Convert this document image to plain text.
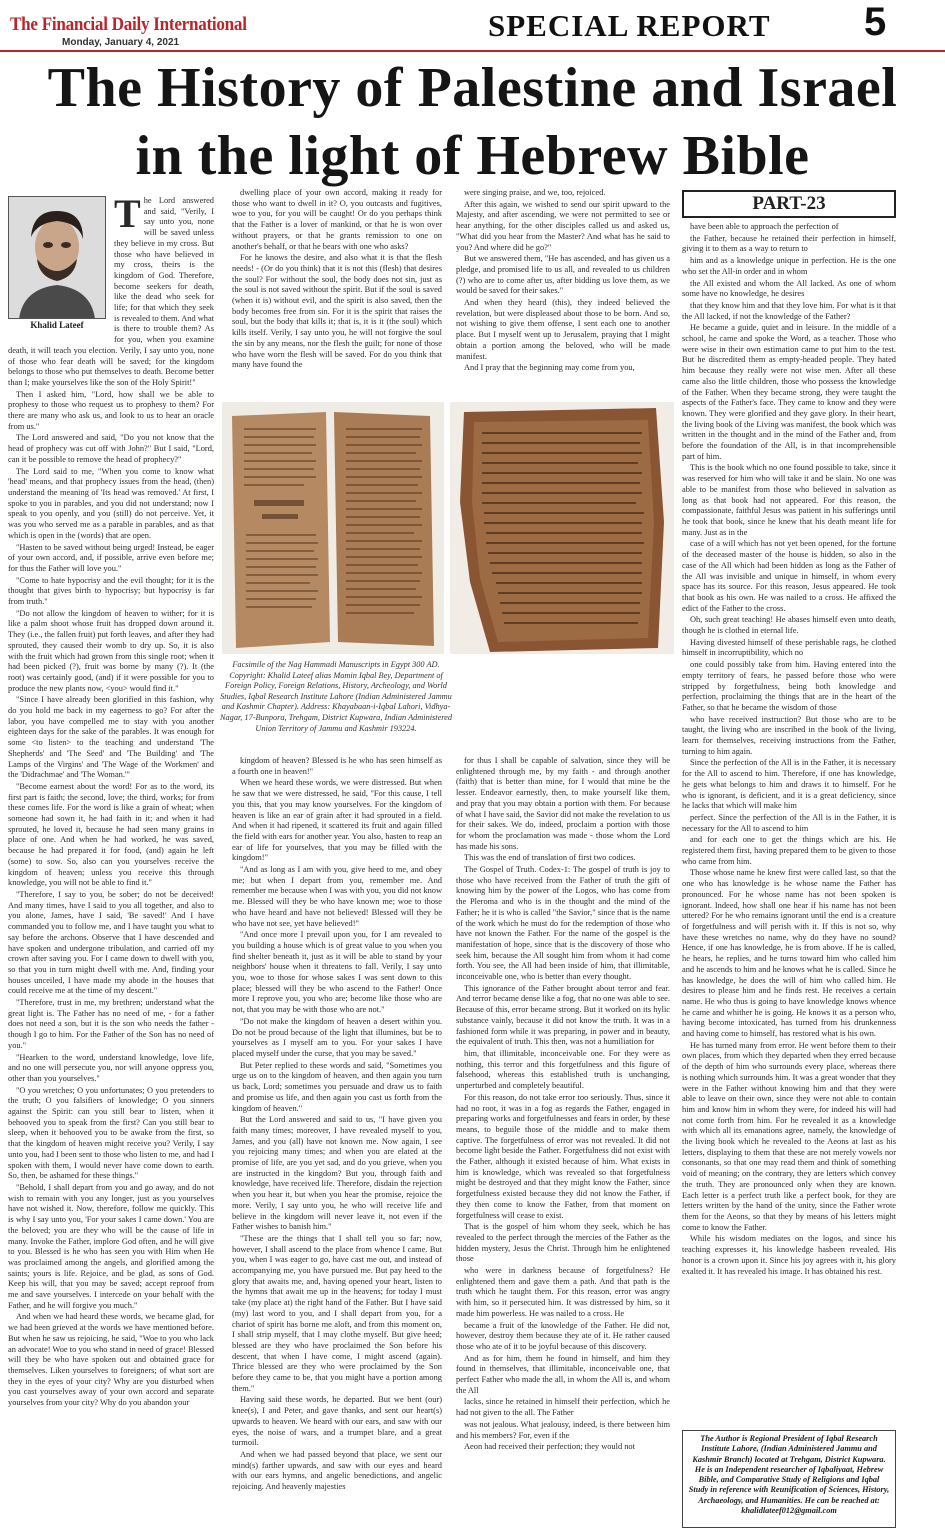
The Financial Daily International
Monday, January 4, 2021	SPECIAL REPORT 5
The History of Palestine and Israel
in the light of Hebrew Bible

The Lord answered and said, "Verily, I say unto you, none will be saved unless they believe in my cross. But those who have believed in my cross, theirs is the kingdom of God. Therefore, become seekers for death, like the dead who seek for life; for that which they seek is revealed to them. And what is there to trouble them? As for you, when you examine death, it will teach you election. Verily, I say unto you, none of those who fear death will be saved; for the kingdom belongs to those who put themselves to death. Become better than I; make yourselves like the son of the Holy Spirit!"

Then I asked him, "Lord, how shall we be able to prophesy to those who request us to prophesy to them? For there are many who ask us, and look to us to hear an oracle from us."

The Lord answered and said, "Do you not know that the head of prophecy was cut off with John?" But I said, "Lord, can it be possible to remove the head of prophecy?"

The Lord said to me, "When you come to know what 'head' means, and that prophecy issues from the head, (then) understand the meaning of 'Its head was removed.' At first, I spoke to you in parables, and you did not understand; now I speak to you openly, and you (still) do not perceive. Yet, it was you who served me as a parable in parables, and as that which is open in the (words) that are open.

"Hasten to be saved without being urged! Instead, be eager of your own accord, and, if possible, arrive even before me; for thus the Father will love you."

"Come to hate hypocrisy and the evil thought; for it is the thought that gives birth to hypocrisy; but hypocrisy is far from truth."

"Do not allow the kingdom of heaven to wither; for it is like a palm shoot whose fruit has dropped down around it. They (i.e., the fallen fruit) put forth leaves, and after they had sprouted, they caused their womb to dry up. So, it is also with the fruit which had grown from this single root; when it had been picked (?), fruit was borne by many (?). It (the root) was certainly good, (and) if it were possible for you to produce the new plants now, <you> would find it."

"Since I have already been glorified in this fashion, why do you hold me back in my eagerness to go? For after the labor, you have compelled me to stay with you another eighteen days for the sake of the parables. It was enough for some <to listen> to the teaching and understand 'The Shepherds' and 'The Seed' and 'The Building' and 'The Lamps of the Virgins' and 'The Wage of the Workmen' and the 'Didrachmae' and 'The Woman.'"

"Become earnest about the word! For as to the word, its first part is faith; the second, love; the third, works; for from these comes life. For the word is like a grain of wheat; when someone had sown it, he had faith in it; and when it had sprouted, he loved it, because he had seen many grains in place of one. And when he had worked, he was saved, because he had prepared it for food, (and) again he left (some) to sow. So, also can you yourselves receive the kingdom of heaven; unless you receive this through knowledge, you will not be able to find it."

"Therefore, I say to you, be sober; do not be deceived! And many times, have I said to you all together, and also to you alone, James, have I said, 'Be saved!' And I have commanded you to follow me, and I have taught you what to say before the archons. Observe that I have descended and have spoken and undergone tribulation, and carried off my crown after saving you. For I came down to dwell with you, so that you in turn might dwell with me. And, finding your houses unceiled, I have made my abode in the houses that could receive me at the time of my descent."

"Therefore, trust in me, my brethren; understand what the great light is. The Father has no need of me, - for a father does not need a son, but it is the son who needs the father - though I go to him. For the Father of the Son has no need of you."

"Hearken to the word, understand knowledge, love life, and no one will persecute you, nor will anyone oppress you, other than you yourselves."

"O you wretches; O you unfortunates; O you pretenders to the truth; O you falsifiers of knowledge; O you sinners against the Spirit: can you still bear to listen, when it behooved you to speak from the first? Can you still bear to sleep, when it behooved you to be awake from the first, so that the kingdom of heaven might receive you? Verily, I say unto you, had I been sent to those who listen to me, and had I spoken with them, I would never have come down to earth. So, then, be ashamed for these things."

"Behold, I shall depart from you and go away, and do not wish to remain with you any longer, just as you yourselves have not wished it. Now, therefore, follow me quickly. This is why I say unto you, 'For your sakes I came down.' You are the beloved; you are they who will be the cause of life in many. Invoke the Father, implore God often, and he will give to you. Blessed is he who has seen you with Him when He was proclaimed among the angels, and glorified among the saints; yours is life. Rejoice, and be glad, as sons of God. Keep his will, that you may be saved; accept reproof from me and save yourselves. I intercede on your behalf with the Father, and he will forgive you much."

And when we had heard these words, we became glad, for we had been grieved at the words we have mentioned before. But when he saw us rejoicing, he said, "Woe to you who lack an advocate! Woe to you who stand in need of grace! Blessed will they be who have spoken out and obtained grace for themselves. Liken yourselves to foreigners; of what sort are they in the eyes of your city? Why are you disturbed when you cast yourselves away of your own accord and separate yourselves from your city? Why do you abandon your

Khalid Lateef

dwelling place of your own accord, making it ready for those who want to dwell in it? O, you outcasts and fugitives, woe to you, for you will be caught! Or do you perhaps think that the Father is a lover of mankind, or that he is won over without prayers, or that he grants remission to one on another's behalf, or that he bears with one who asks?

For he knows the desire, and also what it is that the flesh needs! - (Or do you think) that it is not this (flesh) that desires the soul? For without the soul, the body does not sin, just as the soul is not saved without the spirit. But if the soul is saved (when it is) without evil, and the spirit is also saved, then the body becomes free from sin. For it is the spirit that raises the soul, but the body that kills it; that is, it is it (the soul) which kills itself. Verily, I say unto you, he will not forgive the soul the sin by any means, nor the flesh the guilt; for none of those who have worn the flesh will be saved. For do you think that many have found the

were singing praise, and we, too, rejoiced.

After this again, we wished to send our spirit upward to the Majesty, and after ascending, we were not permitted to see or hear anything, for the other disciples called us and asked us, "What did you hear from the Master? And what has he said to you? And where did he go?"

But we answered them, "He has ascended, and has given us a pledge, and promised life to us all, and revealed to us children (?) who are to come after us, after bidding us love them, as we would be saved for their sakes."

And when they heard (this), they indeed believed the revelation, but were displeased about those to be born. And so, not wishing to give them offense, I sent each one to another place. But I myself went up to Jerusalem, praying that I might obtain a portion among the beloved, who will be made manifest.

And I pray that the beginning may come from you,

Facsimile of the Nag Hammadi Manuscripts in Egypt 300 AD. Copyright: Khalid Lateef alias Momin Iqbal Bey, Department of Foreign Policy, Foreign Relations, History, Archeology, and World Studies, Iqbal Research Institute Lahore (Indian Administered Jammu and Kashmir Chapter). Address: Khayabaan-i-Iqbal Lahori, Vidhya-Nagar, 17-Bunpora, Trehgam, District Kupwara, Indian Administered Union Territory of Jammu and Kashmir 193224.

kingdom of heaven? Blessed is he who has seen himself as a fourth one in heaven!"

When we heard these words, we were distressed. But when he saw that we were distressed, he said, "For this cause, I tell you this, that you may know yourselves. For the kingdom of heaven is like an ear of grain after it had sprouted in a field. And when it had ripened, it scattered its fruit and again filled the field with ears for another year. You also, hasten to reap an ear of life for yourselves, that you may be filled with the kingdom!"

"And as long as I am with you, give heed to me, and obey me; but when I depart from you, remember me. And remember me because when I was with you, you did not know me. Blessed will they be who have known me; woe to those who have heard and have not believed! Blessed will they be who have not see, yet have believed!"

"And once more I prevail upon you, for I am revealed to you building a house which is of great value to you when you find shelter beneath it, just as it will be able to stand by your neighbors' house when it threatens to fall. Verily, I say unto you, woe to those for whose sakes I was sent down to this place; blessed will they be who ascend to the Father! Once more I reprove you, you who are; become like those who are not, that you may be with those who are not."

"Do not make the kingdom of heaven a desert within you. Do not be proud because of the light that illumines, but be to yourselves as I myself am to you. For your sakes I have placed myself under the curse, that you may be saved."

But Peter replied to these words and said, "Sometimes you urge us on to the kingdom of heaven, and then again you turn us back, Lord; sometimes you persuade and draw us to faith and promise us life, and then again you cast us forth from the kingdom of heaven."

But the Lord answered and said to us, "I have given you faith many times; moreover, I have revealed myself to you, James, and you (all) have not known me. Now again, I see you rejoicing many times; and when you are elated at the promise of life, are you yet sad, and do you grieve, when you are instructed in the kingdom? But you, through faith and knowledge, have received life. Therefore, disdain the rejection when you hear it, but when you hear the promise, rejoice the more. Verily, I say unto you, he who will receive life and believe in the kingdom will never leave it, not even if the Father wishes to banish him."

"These are the things that I shall tell you so far; now, however, I shall ascend to the place from whence I came. But you, when I was eager to go, have cast me out, and instead of accompanying me, you have pursued me. But pay heed to the glory that awaits me, and, having opened your heart, listen to the hymns that await me up in the heavens; for today I must take (my place at) the right hand of the Father. But I have said (my) last word to you, and I shall depart from you, for a chariot of spirit has borne me aloft, and from this moment on, I shall strip myself, that I may clothe myself. But give heed; blessed are they who have proclaimed the Son before his descent, that when I have come, I might ascend (again). Thrice blessed are they who were proclaimed by the Son before they came to be, that you might have a portion among them."

Having said these words, he departed. But we bent (our) knee(s), I and Peter, and gave thanks, and sent our heart(s) upwards to heaven. We heard with our ears, and saw with our eyes, the noise of wars, and a trumpet blare, and a great turmoil.

And when we had passed beyond that place, we sent our mind(s) farther upwards, and saw with our eyes and heard with our ears hymns, and angelic benedictions, and angelic rejoicing. And heavenly majesties

for thus I shall be capable of salvation, since they will be enlightened through me, by my faith - and through another (faith) that is better than mine, for I would that mine be the lesser. Endeavor earnestly, then, to make yourself like them, and pray that you may obtain a portion with them. For because of what I have said, the Savior did not make the revelation to us for their sakes. We do, indeed, proclaim a portion with those for whom the proclamation was made - those whom the Lord has made his sons.

This was the end of translation of first two codices.

The Gospel of Truth. Codex-1: The gospel of truth is joy to those who have received from the Father of truth the gift of knowing him by the power of the Logos, who has come from the Pleroma and who is in the thought and the mind of the Father; he it is who is called "the Savior," since that is the name of the work which he must do for the redemption of those who have not known the Father. For the name of the gospel is the manifestation of hope, since that is the discovery of those who seek him, because the All sought him from whom it had come forth. You see, the All had been inside of him, that illimitable, inconceivable one, who is better than every thought.

This ignorance of the Father brought about terror and fear. And terror became dense like a fog, that no one was able to see. Because of this, error became strong. But it worked on its hylic substance vainly, because it did not know the truth. It was in a fashioned form while it was preparing, in power and in beauty, the equivalent of truth. This then, was not a humiliation for

him, that illimitable, inconceivable one. For they were as nothing, this terror and this forgetfulness and this figure of falsehood, whereas this established truth is unchanging, unperturbed and completely beautiful.

For this reason, do not take error too seriously. Thus, since it had no root, it was in a fog as regards the Father, engaged in preparing works and forgetfulnesses and fears in order, by these means, to beguile those of the middle and to make them captive. The forgetfulness of error was not revealed. It did not become light beside the Father. Forgetfulness did not exist with the Father, although it existed because of him. What exists in him is knowledge, which was revealed so that forgetfulness might be destroyed and that they might know the Father, since forgetfulness existed because they did not know the Father, if they then come to know the Father, from that moment on forgetfulness will cease to exist.

That is the gospel of him whom they seek, which he has revealed to the perfect through the mercies of the Father as the hidden mystery, Jesus the Christ. Through him he enlightened those

who were in darkness because of forgetfulness? He enlightened them and gave them a path. And that path is the truth which he taught them. For this reason, error was angry with him, so it persecuted him. It was distressed by him, so it made him powerless. He was nailed to a cross. He

became a fruit of the knowledge of the Father. He did not, however, destroy them because they ate of it. He rather caused those who ate of it to be joyful because of this discovery.

And as for him, them he found in himself, and him they found in themselves, that illimitable, inconceivable one, that perfect Father who made the all, in whom the All is, and whom the All

lacks, since he retained in himself their perfection, which he had not given to the all. The Father

was not jealous. What jealousy, indeed, is there between him and his members? For, even if the

Aeon had received their perfection; they would not

PART-23

have been able to approach the perfection of

the Father, because he retained their perfection in himself, giving it to them as a way to return to

him and as a knowledge unique in perfection. He is the one who set the All-in order and in whom

the All existed and whom the All lacked. As one of whom some have no knowledge, he desires

that they know him and that they love him. For what is it that the All lacked, if not the knowledge of the Father?

He became a guide, quiet and in leisure. In the middle of a school, he came and spoke the Word, as a teacher. Those who were wise in their own estimation came to put him to the test. But he discredited them as empty-headed people. They hated him because they really were not wise men. After all these came also the little children, those who possess the knowledge of the Father. When they became strong, they were taught the aspects of the Father's face. They came to know and they were known. They were glorified and they gave glory. In their heart, the living book of the Living was manifest, the book which was written in the thought and in the mind of the Father and, from before the foundation of the All, is in that incomprehensible part of him.

This is the book which no one found possible to take, since it was reserved for him who will take it and be slain. No one was able to be manifest from those who believed in salvation as long as that book had not appeared. For this reason, the compassionate, faithful Jesus was patient in his sufferings until he took that book, since he knew that his death meant life for many. Just as in the

case of a will which has not yet been opened, for the fortune of the deceased master of the house is hidden, so also in the case of the All which had been hidden as long as the Father of the All was invisible and unique in himself, in whom every space has its source. For this reason, Jesus appeared. He took that book as his own. He was nailed to a cross. He affixed the edict of the Father to the cross.

Oh, such great teaching! He abases himself even unto death, though he is clothed in eternal life.

Having divested himself of these perishable rags, he clothed himself in incorruptibility, which no

one could possibly take from him. Having entered into the empty territory of fears, he passed before those who were stripped by forgetfulness, being both knowledge and perfection, proclaiming the things that are in the heart of the Father, so that he became the wisdom of those

who have received instruction? But those who are to be taught, the living who are inscribed in the book of the living, learn for themselves, receiving instructions from the Father, turning to him again.

Since the perfection of the All is in the Father, it is necessary for the All to ascend to him. Therefore, if one has knowledge, he gets what belongs to him and draws it to himself. For he who is ignorant, is deficient, and it is a great deficiency, since he lacks that which will make him

perfect. Since the perfection of the All is in the Father, it is necessary for the All to ascend to him

and for each one to get the things which are his. He registered them first, having prepared them to be given to those who came from him.

Those whose name he knew first were called last, so that the one who has knowledge is he whose name the Father has pronounced. For he whose name has not been spoken is ignorant. Indeed, how shall one hear if his name has not been uttered? For he who remains ignorant until the end is a creature of forgetfulness and will perish with it. If this is not so, why have these wretches no name, why do they have no sound? Hence, if one has knowledge, he is from above. If he is called, he hears, he replies, and he turns toward him who called him and he ascends to him and he knows what he is called. Since he has knowledge, he does the will of him who called him. He desires to please him and he finds rest. He receives a certain name. He who thus is going to have knowledge knows whence he came and whither he is going. He knows it as a person who, having become intoxicated, has turned from his drunkenness and having come to himself, has restored what is his own.

He has turned many from error. He went before them to their own places, from which they departed when they erred because of the depth of him who surrounds every place, whereas there is nothing which surrounds him. It was a great wonder that they were in the Father without knowing him and that they were able to leave on their own, since they were not able to contain him and know him in whom they were, for indeed his will had not come forth from him. For he revealed it as a knowledge with which all its emanations agree, namely, the knowledge of the living book which he revealed to the Aeons at last as his letters, displaying to them that these are not merely vowels nor consonants, so that one may read them and think of something void of meaning; on the contrary, they are letters which convey the truth. They are pronounced only when they are known. Each letter is a perfect truth like a perfect book, for they are letters written by the hand of the unity, since the Father wrote them for the Aeons, so that they by means of his letters might come to know the Father.

While his wisdom mediates on the logos, and since his teaching expresses it, his knowledge hasbeen revealed. His honor is a crown upon it. Since his joy agrees with it, his glory exalted it. It has revealed his image. It has obtained his rest.

The Author is Regional President of Iqbal Research Institute Lahore, (Indian Administered Jammu and Kashmir Branch) located at Trehgam, District Kupwara. He is an Independent researcher of Iqbaliyaat, Hebrew Bible, and Comparative Study of Religions and Iqbal Study in reference with Reunification of Sciences, History, Archaeology, and Humanities. He can be reached at: khalidlateef012@gmail.com
